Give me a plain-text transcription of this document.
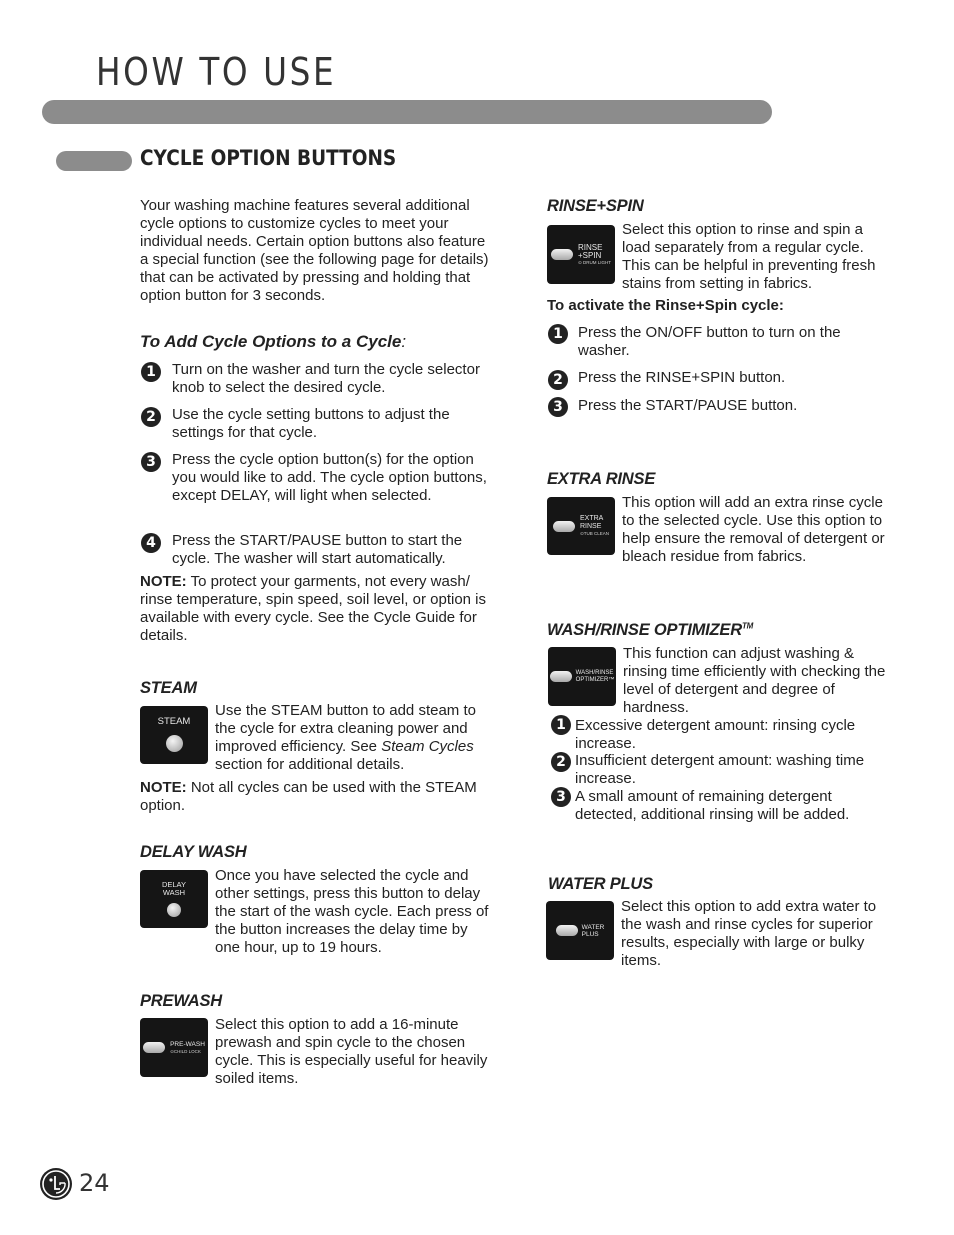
HOW TO USE
CYCLE OPTION BUTTONS
Your washing machine features several additional cycle options to customize cycles to meet your individual needs. Certain option buttons also feature a special function (see the following page for details) that can be activated by pressing and holding that option button for 3 seconds.
To Add Cycle Options to a Cycle:
1	Turn on the washer and turn the cycle selector knob to select the desired cycle.
2	Use the cycle setting buttons to adjust the settings for that cycle.
3	Press the cycle option button(s) for the option you would like to add. The cycle option buttons, except DELAY, will light when selected.
4	Press the START/PAUSE button to start the cycle. The washer will start automatically.
NOTE: To protect your garments, not every wash/ rinse temperature, spin speed, soil level, or option is available with every cycle. See the Cycle Guide for details.
STEAM
STEAM
Use the STEAM button to add steam to the cycle for extra cleaning power and improved efficiency. See Steam Cycles section for additional details.
NOTE: Not all cycles can be used with the STEAM option.
DELAY WASH
DELAY
WASH
Once you have selected the cycle and other settings, press this button to delay the start of the wash cycle. Each press of the button increases the delay time by one hour, up to 19 hours.
PREWASH
PRE-WASH
⊙CHILD LOCK
Select this option to add a 16-minute prewash and spin cycle to the chosen cycle. This is especially useful for heavily soiled items.
RINSE+SPIN
RINSE
+SPIN
⊙ DRUM LIGHT
Select this option to rinse and spin a load separately from a regular cycle. This can be helpful in preventing fresh stains from setting in fabrics.
To activate the Rinse+Spin cycle:
1	Press the ON/OFF button to turn on the washer.
2	Press the RINSE+SPIN button.
3	Press the START/PAUSE button.
EXTRA RINSE
EXTRA
RINSE
⊙TUB CLEAN
This option will add an extra rinse cycle to the selected cycle. Use this option to help ensure the removal of detergent or bleach residue from fabrics.
WASH/RINSE OPTIMIZER™
WASH/RINSE
OPTIMIZER™
This function can adjust washing & rinsing time efficiently with checking the level of detergent and degree of hardness.
1 Excessive detergent amount: rinsing cycle increase.
2 Insufficient detergent amount: washing time increase.
3 A small amount of remaining detergent detected, additional rinsing will be added.
WATER PLUS
WATER
PLUS
Select this option to add extra water to the wash and rinse cycles for superior results, especially with large or bulky items.
24
